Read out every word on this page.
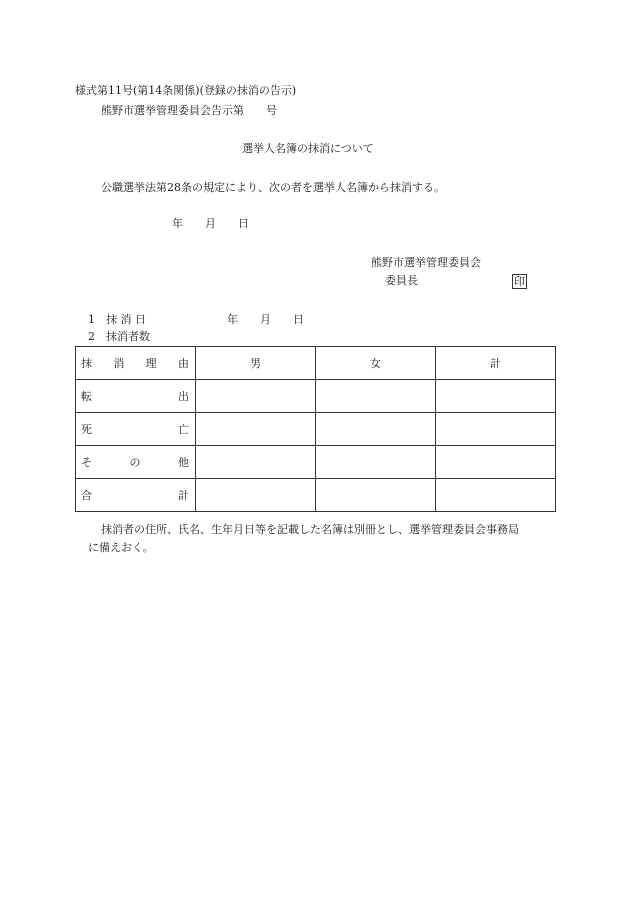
様式第11号(第14条関係)(登録の抹消の告示)
熊野市選挙管理委員会告示第　　号
選挙人名簿の抹消について
公職選挙法第28条の規定により、次の者を選挙人名簿から抹消する。
年　　月　　日
熊野市選挙管理委員会
委員長	印
1 抹 消 日	年　　月　　日
2 抹消者数
抹 消 理 由	男	女	計

転 出			

死 亡			

そ の 他			

合 計			

抹消者の住所、氏名、生年月日等を記載した名簿は別冊とし、選挙管理委員会事務局
に備えおく。
